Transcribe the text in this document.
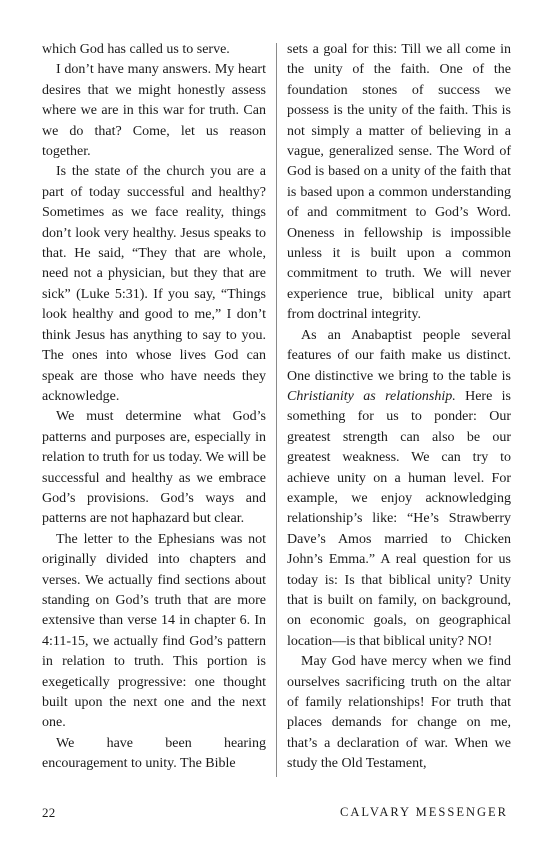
which God has called us to serve.

I don’t have many answers. My heart desires that we might honestly assess where we are in this war for truth. Can we do that? Come, let us reason together.

Is the state of the church you are a part of today successful and healthy? Sometimes as we face reality, things don’t look very healthy. Jesus speaks to that. He said, “They that are whole, need not a physician, but they that are sick” (Luke 5:31). If you say, “Things look healthy and good to me,” I don’t think Jesus has anything to say to you. The ones into whose lives God can speak are those who have needs they acknowledge.

We must determine what God’s patterns and purposes are, especially in relation to truth for us today. We will be successful and healthy as we embrace God’s provisions. God’s ways and patterns are not haphazard but clear.

The letter to the Ephesians was not originally divided into chapters and verses. We actually find sections about standing on God’s truth that are more extensive than verse 14 in chapter 6. In 4:11-15, we actually find God’s pattern in relation to truth. This portion is exegetically progressive: one thought built upon the next one and the next one.

We have been hearing encouragement to unity. The Bible

sets a goal for this: Till we all come in the unity of the faith. One of the foundation stones of success we possess is the unity of the faith. This is not simply a matter of believing in a vague, generalized sense. The Word of God is based on a unity of the faith that is based upon a common understanding of and commitment to God’s Word. Oneness in fellowship is impossible unless it is built upon a common commitment to truth. We will never experience true, biblical unity apart from doctrinal integrity.

As an Anabaptist people several features of our faith make us distinct. One distinctive we bring to the table is Christianity as relationship. Here is something for us to ponder: Our greatest strength can also be our greatest weakness. We can try to achieve unity on a human level. For example, we enjoy acknowledging relationship’s like: “He’s Strawberry Dave’s Amos married to Chicken John’s Emma.” A real question for us today is: Is that biblical unity? Unity that is built on family, on background, on economic goals, on geographical location—is that biblical unity? NO!

May God have mercy when we find ourselves sacrificing truth on the altar of family relationships! For truth that places demands for change on me, that’s a declaration of war. When we study the Old Testament,

22	CALVARY MESSENGER
